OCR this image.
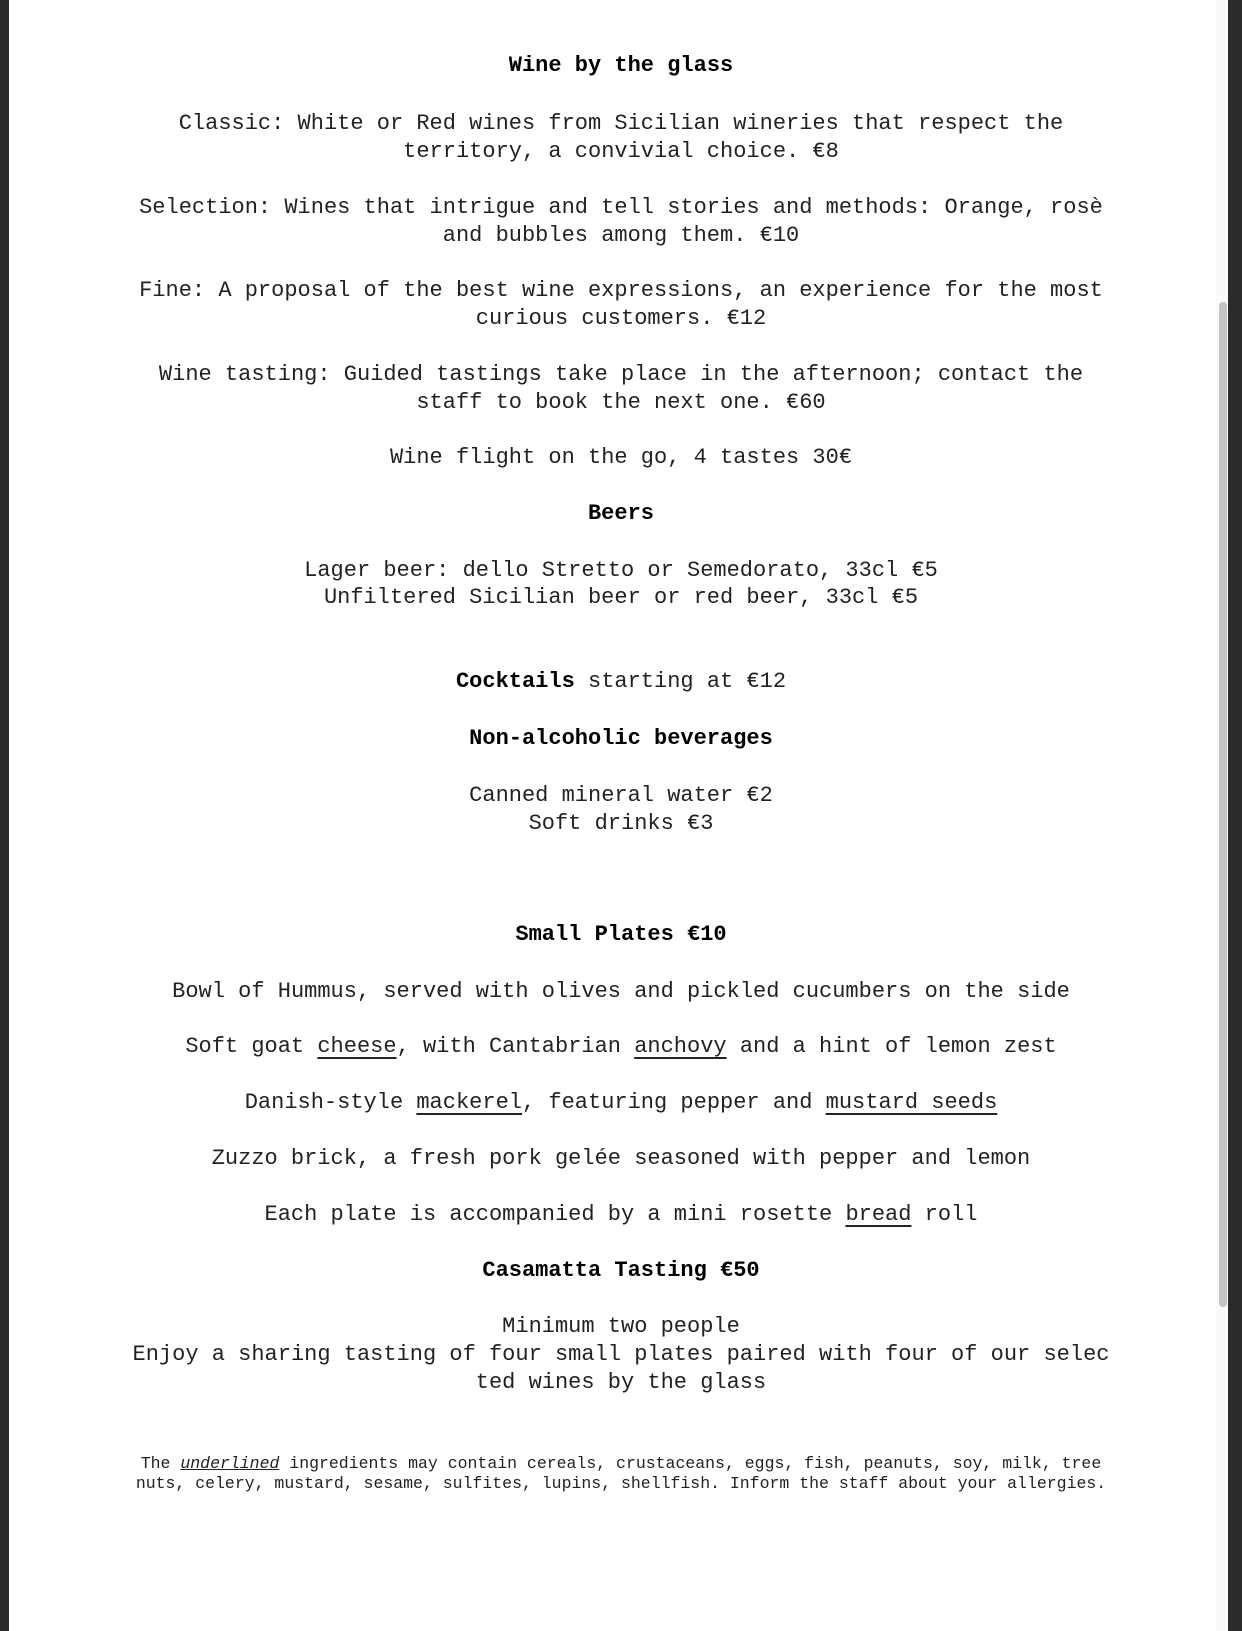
Wine by the glass
Classic: White or Red wines from Sicilian wineries that respect the
territory, a convivial choice. €8
Selection: Wines that intrigue and tell stories and methods: Orange, rosè
and bubbles among them. €10
Fine: A proposal of the best wine expressions, an experience for the most
curious customers. €12
Wine tasting: Guided tastings take place in the afternoon; contact the
staff to book the next one. €60
Wine flight on the go, 4 tastes 30€
Beers
Lager beer: dello Stretto or Semedorato, 33cl €5
Unfiltered Sicilian beer or red beer, 33cl €5
Cocktails starting at €12
Non-alcoholic beverages
Canned mineral water €2
Soft drinks €3
Small Plates €10
Bowl of Hummus, served with olives and pickled cucumbers on the side
Soft goat cheese, with Cantabrian anchovy and a hint of lemon zest
Danish-style mackerel, featuring pepper and mustard seeds
Zuzzo brick, a fresh pork gelée seasoned with pepper and lemon
Each plate is accompanied by a mini rosette bread roll
Casamatta Tasting €50
Minimum two people
Enjoy a sharing tasting of four small plates paired with four of our selec
ted wines by the glass
The underlined ingredients may contain cereals, crustaceans, eggs, fish, peanuts, soy, milk, tree
nuts, celery, mustard, sesame, sulfites, lupins, shellfish. Inform the staff about your allergies.
